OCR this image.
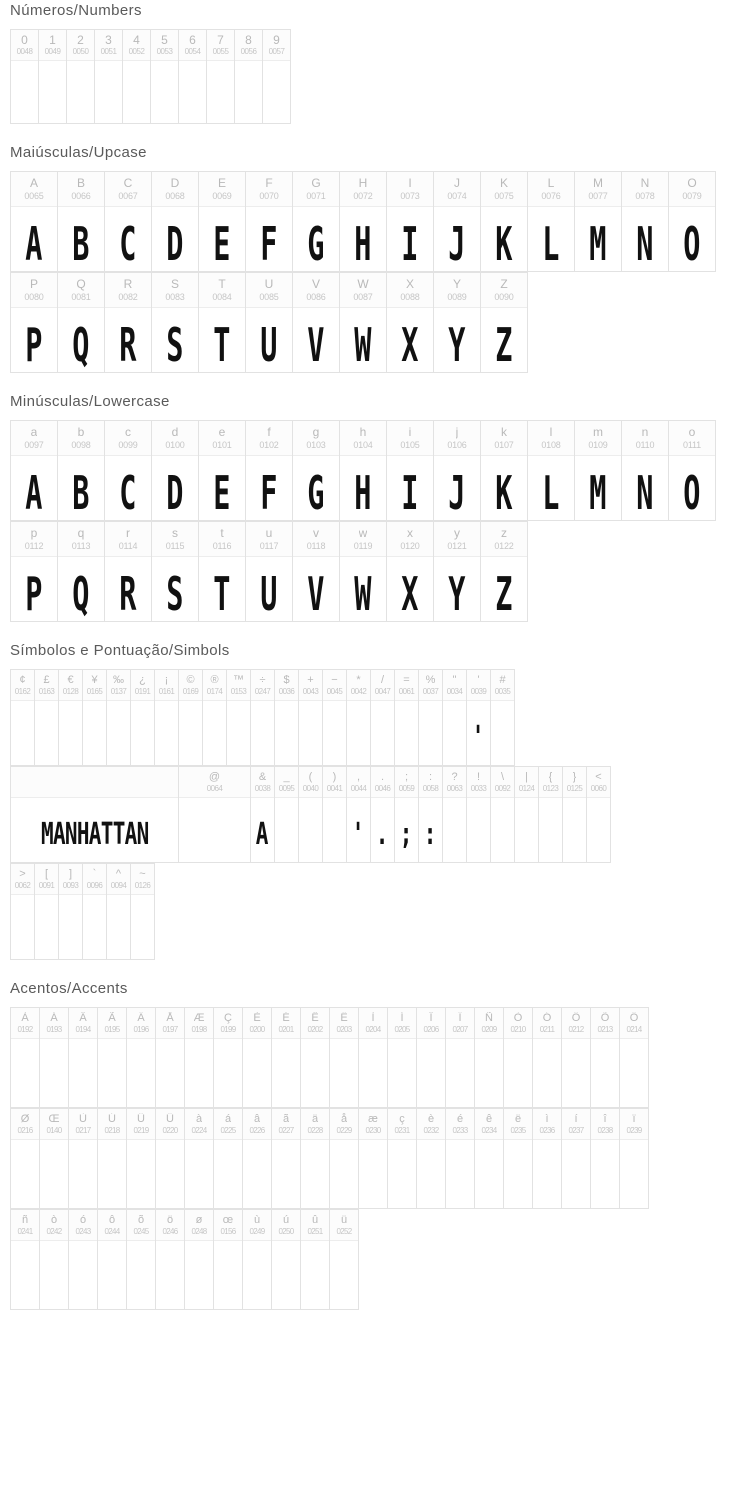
Números/Numbers
0
0048
1
0049
2
0050
3
0051
4
0052
5
0053
6
0054
7
0055
8
0056
9
0057
Maiúsculas/Upcase
A
0065
A
B
0066
B
C
0067
C
D
0068
D
E
0069
E
F
0070
F
G
0071
G
H
0072
H
I
0073
I
J
0074
J
K
0075
K
L
0076
L
M
0077
M
N
0078
N
O
0079
O
P
0080
P
Q
0081
Q
R
0082
R
S
0083
S
T
0084
T
U
0085
U
V
0086
V
W
0087
W
X
0088
X
Y
0089
Y
Z
0090
Z
Minúsculas/Lowercase
a
0097
A
b
0098
B
c
0099
C
d
0100
D
e
0101
E
f
0102
F
g
0103
G
h
0104
H
i
0105
I
j
0106
J
k
0107
K
l
0108
L
m
0109
M
n
0110
N
o
0111
O
p
0112
P
q
0113
Q
r
0114
R
s
0115
S
t
0116
T
u
0117
U
v
0118
V
w
0119
W
x
0120
X
y
0121
Y
z
0122
Z
Símbolos e Pontuação/Simbols
¢
0162
£
0163
€
0128
¥
0165
‰
0137
¿
0191
¡
0161
©
0169
®
0174
™
0153
÷
0247
$
0036
+
0043
−
0045
*
0042
/
0047
=
0061
%
0037
"
0034
'
0039
'
#
0035
MANHATTAN
@
0064
&
0038
A
_
0095
(
0040
)
0041
,
0044
'
.
0046
.
;
0059
;
:
0058
:
?
0063
!
0033
\
0092
|
0124
{
0123
}
0125
<
0060
>
0062
[
0091
]
0093
`
0096
^
0094
~
0126
Acentos/Accents
À
0192
Á
0193
Â
0194
Ã
0195
Ä
0196
Å
0197
Æ
0198
Ç
0199
È
0200
É
0201
Ê
0202
Ë
0203
Ì
0204
Í
0205
Î
0206
Ï
0207
Ñ
0209
Ò
0210
Ó
0211
Ô
0212
Õ
0213
Ö
0214
Ø
0216
Œ
0140
Ù
0217
Ú
0218
Û
0219
Ü
0220
à
0224
á
0225
â
0226
ã
0227
ä
0228
å
0229
æ
0230
ç
0231
è
0232
é
0233
ê
0234
ë
0235
ì
0236
í
0237
î
0238
ï
0239
ñ
0241
ò
0242
ó
0243
ô
0244
õ
0245
ö
0246
ø
0248
œ
0156
ù
0249
ú
0250
û
0251
ü
0252
